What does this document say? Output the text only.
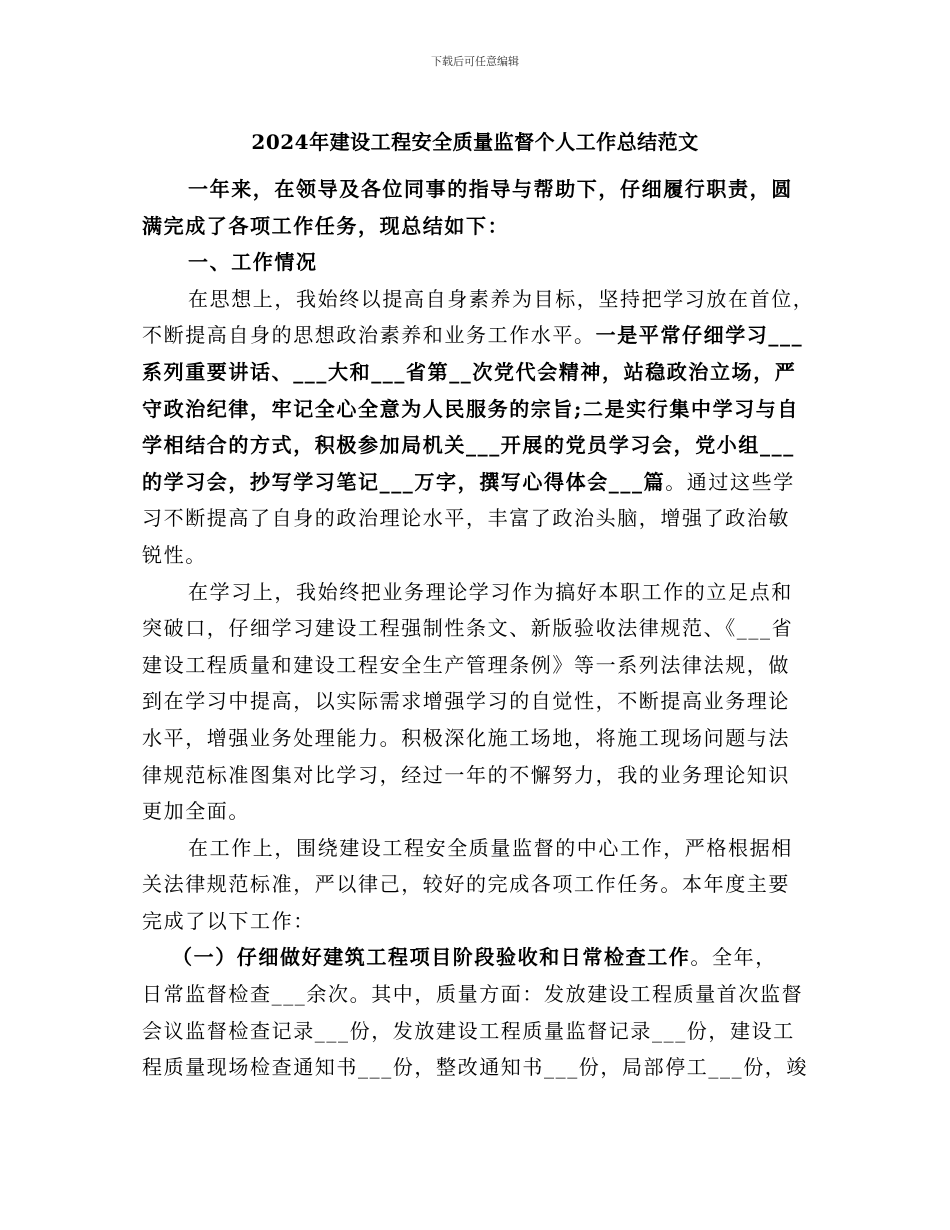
下载后可任意编辑
2024年建设工程安全质量监督个人工作总结范文
一年来，在领导及各位同事的指导与帮助下，仔细履行职责，圆
满完成了各项工作任务，现总结如下：
一、工作情况
在思想上，我始终以提高自身素养为目标，坚持把学习放在首位，
不断提高自身的思想政治素养和业务工作水平。一是平常仔细学习___
系列重要讲话、___大和___省第__次党代会精神，站稳政治立场，严
守政治纪律，牢记全心全意为人民服务的宗旨;二是实行集中学习与自
学相结合的方式，积极参加局机关___开展的党员学习会，党小组___
的学习会，抄写学习笔记___万字，撰写心得体会___篇。通过这些学
习不断提高了自身的政治理论水平，丰富了政治头脑，增强了政治敏
锐性。
在学习上，我始终把业务理论学习作为搞好本职工作的立足点和
突破口，仔细学习建设工程强制性条文、新版验收法律规范、《___省
建设工程质量和建设工程安全生产管理条例》等一系列法律法规，做
到在学习中提高，以实际需求增强学习的自觉性，不断提高业务理论
水平，增强业务处理能力。积极深化施工场地，将施工现场问题与法
律规范标准图集对比学习，经过一年的不懈努力，我的业务理论知识
更加全面。
在工作上，围绕建设工程安全质量监督的中心工作，严格根据相
关法律规范标准，严以律己，较好的完成各项工作任务。本年度主要
完成了以下工作：
（一）仔细做好建筑工程项目阶段验收和日常检查工作。全年，
日常监督检查___余次。其中，质量方面：发放建设工程质量首次监督
会议监督检查记录___份，发放建设工程质量监督记录___份，建设工
程质量现场检查通知书___份，整改通知书___份，局部停工___份，竣
